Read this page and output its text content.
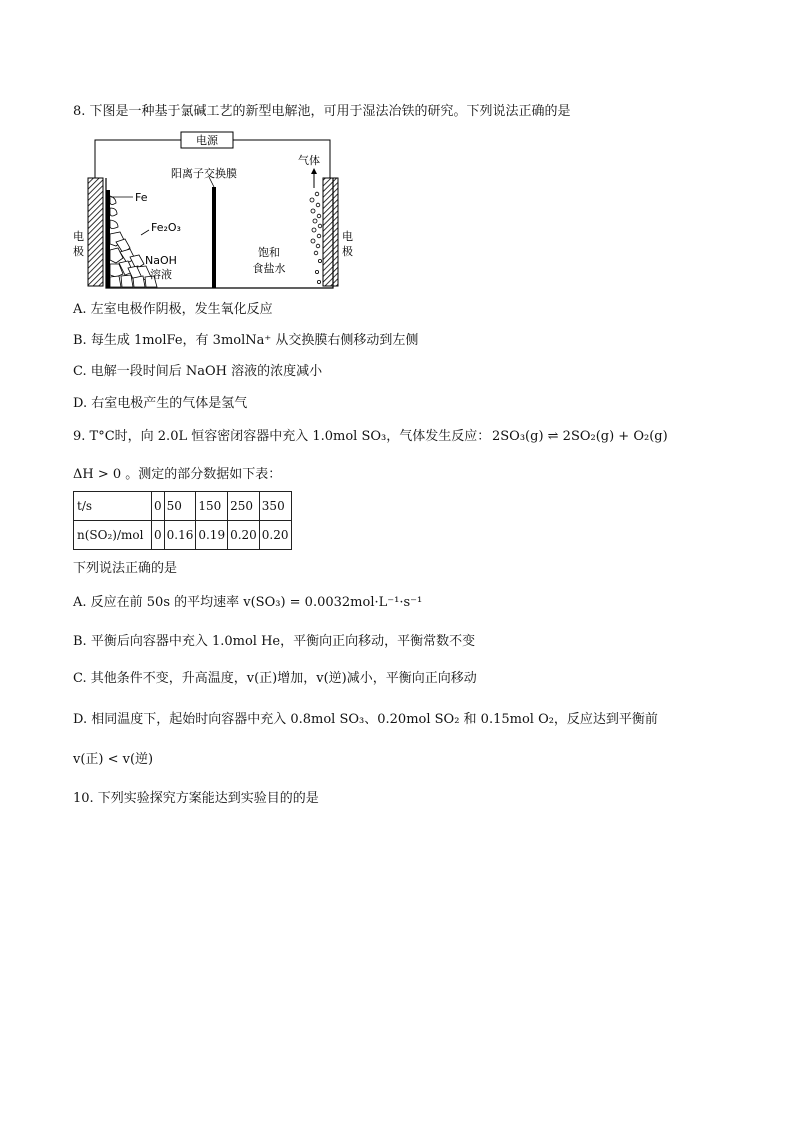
8. 下图是一种基于氯碱工艺的新型电解池，可用于湿法冶铁的研究。下列说法正确的是
电源
阳离子交换膜
Fe
Fe₂O₃
NaOH
溶液
饱和
食盐水
电
极
电
极
气体
A. 左室电极作阴极，发生氧化反应
B. 每生成 1molFe，有 3molNa⁺ 从交换膜右侧移动到左侧
C. 电解一段时间后 NaOH 溶液的浓度减小
D. 右室电极产生的气体是氢气
9. T°C时，向 2.0L 恒容密闭容器中充入 1.0mol SO₃，气体发生反应： 2SO₃(g) ⇌ 2SO₂(g) + O₂(g)
ΔH > 0 。测定的部分数据如下表：
t/s	0	50	150	250	350
n(SO₂)/mol	0	0.16	0.19	0.20	0.20
下列说法正确的是
A. 反应在前 50s 的平均速率 v(SO₃) = 0.0032mol·L⁻¹·s⁻¹
B. 平衡后向容器中充入 1.0mol He，平衡向正向移动，平衡常数不变
C. 其他条件不变，升高温度，v(正)增加，v(逆)减小，平衡向正向移动
D. 相同温度下，起始时向容器中充入 0.8mol SO₃、0.20mol SO₂ 和 0.15mol O₂，反应达到平衡前
v(正) < v(逆)
10. 下列实验探究方案能达到实验目的的是
